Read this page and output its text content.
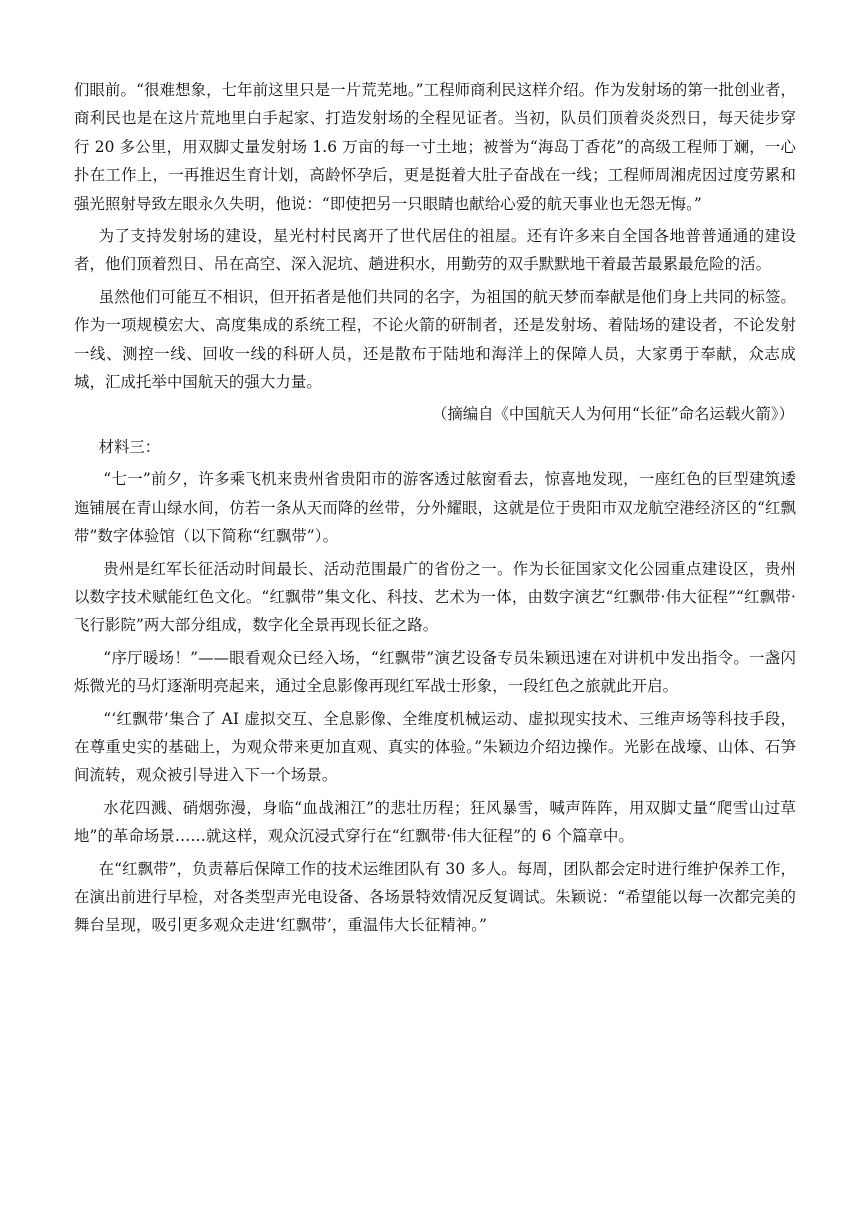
们眼前。“很难想象，七年前这里只是一片荒芜地。”工程师商利民这样介绍。作为发射场的第一批创业者，商利民也是在这片荒地里白手起家、打造发射场的全程见证者。当初，队员们顶着炎炎烈日，每天徒步穿行 20 多公里，用双脚丈量发射场 1.6 万亩的每一寸土地；被誉为“海岛丁香花”的高级工程师丁斓，一心扑在工作上，一再推迟生育计划，高龄怀孕后，更是挺着大肚子奋战在一线；工程师周湘虎因过度劳累和强光照射导致左眼永久失明，他说：“即使把另一只眼睛也献给心爱的航天事业也无怨无悔。”

为了支持发射场的建设，星光村村民离开了世代居住的祖屋。还有许多来自全国各地普普通通的建设者，他们顶着烈日、吊在高空、深入泥坑、趟进积水，用勤劳的双手默默地干着最苦最累最危险的活。

虽然他们可能互不相识，但开拓者是他们共同的名字，为祖国的航天梦而奉献是他们身上共同的标签。作为一项规模宏大、高度集成的系统工程，不论火箭的研制者，还是发射场、着陆场的建设者，不论发射一线、测控一线、回收一线的科研人员，还是散布于陆地和海洋上的保障人员，大家勇于奉献，众志成城，汇成托举中国航天的强大力量。

（摘编自《中国航天人为何用“长征”命名运载火箭》）

材料三：

“七一”前夕，许多乘飞机来贵州省贵阳市的游客透过舷窗看去，惊喜地发现，一座红色的巨型建筑逶迤铺展在青山绿水间，仿若一条从天而降的丝带，分外耀眼，这就是位于贵阳市双龙航空港经济区的“红飘带”数字体验馆（以下简称“红飘带”）。

贵州是红军长征活动时间最长、活动范围最广的省份之一。作为长征国家文化公园重点建设区，贵州以数字技术赋能红色文化。“红飘带”集文化、科技、艺术为一体，由数字演艺“红飘带·伟大征程”“红飘带·飞行影院”两大部分组成，数字化全景再现长征之路。

“序厅暖场！”——眼看观众已经入场，“红飘带”演艺设备专员朱颖迅速在对讲机中发出指令。一盏闪烁微光的马灯逐渐明亮起来，通过全息影像再现红军战士形象，一段红色之旅就此开启。

“‘红飘带’集合了 AI 虚拟交互、全息影像、全维度机械运动、虚拟现实技术、三维声场等科技手段，在尊重史实的基础上，为观众带来更加直观、真实的体验。”朱颖边介绍边操作。光影在战壕、山体、石笋间流转，观众被引导进入下一个场景。

水花四溅、硝烟弥漫，身临“血战湘江”的悲壮历程；狂风暴雪，喊声阵阵，用双脚丈量“爬雪山过草地”的革命场景……就这样，观众沉浸式穿行在“红飘带·伟大征程”的 6 个篇章中。

在“红飘带”，负责幕后保障工作的技术运维团队有 30 多人。每周，团队都会定时进行维护保养工作，在演出前进行早检，对各类型声光电设备、各场景特效情况反复调试。朱颖说：“希望能以每一次都完美的舞台呈现，吸引更多观众走进‘红飘带’，重温伟大长征精神。”
